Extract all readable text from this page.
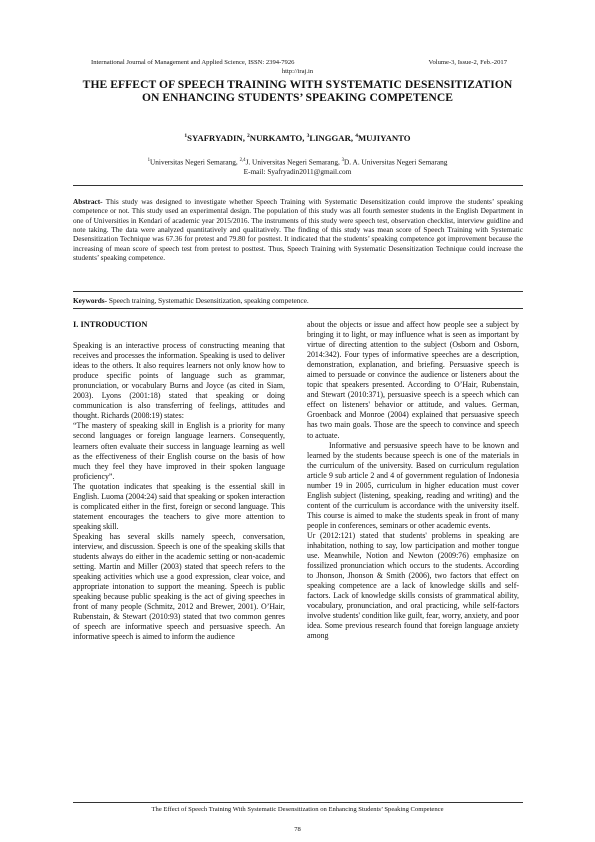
International Journal of Management and Applied Science, ISSN: 2394-7926	Volume-3, Issue-2, Feb.-2017
http://iraj.in
THE EFFECT OF SPEECH TRAINING WITH SYSTEMATIC DESENSITIZATION ON ENHANCING STUDENTS’ SPEAKING COMPETENCE
$^1$SYAFRYADIN, $^2$NURKAMTO, $^3$LINGGAR, $^4$MUJIYANTO
$^1$Universitas Negeri Semarang, $^{2,4}$J. Universitas Negeri Semarang, $^3$D. A. Universitas Negeri Semarang
E-mail: Syafryadin2011@gmail.com
Abstract- This study was designed to investigate whether Speech Training with Systematic Desensitization could improve the students’ speaking competence or not. This study used an experimental design. The population of this study was all fourth semester students in the English Department in one of Universities in Kendari of academic year 2015/2016. The instruments of this study were speech test, observation checklist, interview guidline and note taking. The data were analyzed quantitatively and qualitatively. The finding of this study was mean score of Speech Training with Systematic Desensitization Technique was 67.36 for pretest and 79.80 for posttest. It indicated that the students’ speaking competence got improvement because the increasing of mean score of speech test from pretest to posttest. Thus, Speech Training with Systematic Desensitization Technique could increase the students’ speaking competence.
Keywords- Speech training, Systemathic Desensitization, speaking competence.

I. INTRODUCTION

Speaking is an interactive process of constructing meaning that receives and processes the information. Speaking is used to deliver ideas to the others. It also requires learners not only know how to produce specific points of language such as grammar, pronunciation, or vocabulary Burns and Joyce (as cited in Siam, 2003). Lyons (2001:18) stated that speaking or doing communication is also transferring of feelings, attitudes and thought. Richards (2008:19) states:

“The mastery of speaking skill in English is a priority for many second languages or foreign language learners. Consequently, learners often evaluate their success in language learning as well as the effectiveness of their English course on the basis of how much they feel they have improved in their spoken language proficiency”.

The quotation indicates that speaking is the essential skill in English. Luoma (2004:24) said that speaking or spoken interaction is complicated either in the first, foreign or second language. This statement encourages the teachers to give more attention to speaking skill.

Speaking has several skills namely speech, conversation, interview, and discussion. Speech is one of the speaking skills that students always do either in the academic setting or non-academic setting. Martin and Miller (2003) stated that speech refers to the speaking activities which use a good expression, clear voice, and appropriate intonation to support the meaning. Speech is public speaking because public speaking is the act of giving speeches in front of many people (Schmitz, 2012 and Brewer, 2001). O’Hair, Rubenstain, & Stewart (2010:93) stated that two common genres of speech are informative speech and persuasive speech. An informative speech is aimed to inform the audience

about the objects or issue and affect how people see a subject by bringing it to light, or may influence what is seen as important by virtue of directing attention to the subject (Osborn and Osborn, 2014:342). Four types of informative speeches are a description, demonstration, explanation, and briefing. Persuasive speech is aimed to persuade or convince the audience or listeners about the topic that speakers presented. According to O’Hair, Rubenstain, and Stewart (2010:371), persuasive speech is a speech which can effect on listeners' behavior or attitude, and values. German, Groenback and Monroe (2004) explained that persuasive speech has two main goals. Those are the speech to convince and speech to actuate.

Informative and persuasive speech have to be known and learned by the students because speech is one of the materials in the curriculum of the university. Based on curriculum regulation article 9 sub article 2 and 4 of government regulation of Indonesia number 19 in 2005, curriculum in higher education must cover English subject (listening, speaking, reading and writing) and the content of the curriculum is accordance with the university itself. This course is aimed to make the students speak in front of many people in conferences, seminars or other academic events.

Ur (2012:121) stated that students' problems in speaking are inhabitation, nothing to say, low participation and mother tongue use. Meanwhile, Notion and Newton (2009:76) emphasize on fossilized pronunciation which occurs to the students. According to Jhonson, Jhonson & Smith (2006), two factors that effect on speaking competence are a lack of knowledge skills and self-factors. Lack of knowledge skills consists of grammatical ability, vocabulary, pronunciation, and oral practicing, while self-factors involve students' condition like guilt, fear, worry, anxiety, and poor idea. Some previous research found that foreign language anxiety among

The Effect of Speech Training With Systematic Desensitization on Enhancing Students’ Speaking Competence
78
